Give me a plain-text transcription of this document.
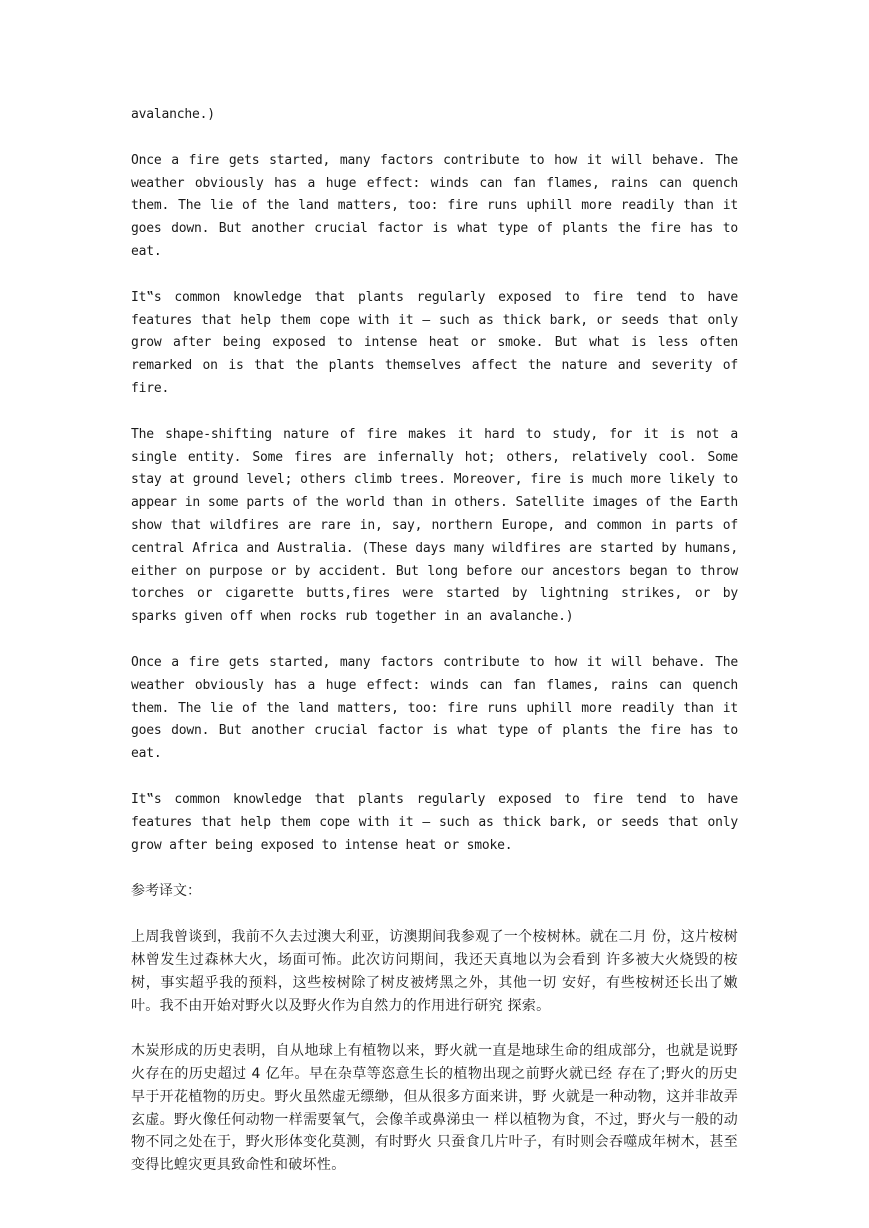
avalanche.)

Once a fire gets started, many factors contribute to how it will behave. The weather obviously has a huge effect: winds can fan flames, rains can quench them. The lie of the land matters, too: fire runs uphill more readily than it goes down. But another crucial factor is what type of plants the fire has to eat.

It‟s common knowledge that plants regularly exposed to fire tend to have features that help them cope with it — such as thick bark, or seeds that only grow after being exposed to intense heat or smoke. But what is less often remarked on is that the plants themselves affect the nature and severity of fire.

The shape-shifting nature of fire makes it hard to study, for it is not a single entity. Some fires are infernally hot; others, relatively cool. Some stay at ground level; others climb trees. Moreover, fire is much more likely to appear in some parts of the world than in others. Satellite images of the Earth show that wildfires are rare in, say, northern Europe, and common in parts of central Africa and Australia. (These days many wildfires are started by humans, either on purpose or by accident. But long before our ancestors began to throw torches or cigarette butts,fires were started by lightning strikes, or by sparks given off when rocks rub together in an avalanche.)

Once a fire gets started, many factors contribute to how it will behave. The weather obviously has a huge effect: winds can fan flames, rains can quench them. The lie of the land matters, too: fire runs uphill more readily than it goes down. But another crucial factor is what type of plants the fire has to eat.

It‟s common knowledge that plants regularly exposed to fire tend to have features that help them cope with it — such as thick bark, or seeds that only grow after being exposed to intense heat or smoke.

参考译文：

上周我曾谈到，我前不久去过澳大利亚，访澳期间我参观了一个桉树林。就在二月 份，这片桉树林曾发生过森林大火，场面可怖。此次访问期间，我还天真地以为会看到 许多被大火烧毁的桉树，事实超乎我的预料，这些桉树除了树皮被烤黑之外，其他一切 安好，有些桉树还长出了嫩叶。我不由开始对野火以及野火作为自然力的作用进行研究 探索。

木炭形成的历史表明，自从地球上有植物以来，野火就一直是地球生命的组成部分，也就是说野火存在的历史超过 4 亿年。早在杂草等恣意生长的植物出现之前野火就已经 存在了;野火的历史早于开花植物的历史。野火虽然虚无缥缈，但从很多方面来讲，野 火就是一种动物，这并非故弄玄虚。野火像任何动物一样需要氧气，会像羊或鼻涕虫一 样以植物为食，不过，野火与一般的动物不同之处在于，野火形体变化莫测，有时野火 只蚕食几片叶子，有时则会吞噬成年树木，甚至变得比蝗灾更具致命性和破坏性。
